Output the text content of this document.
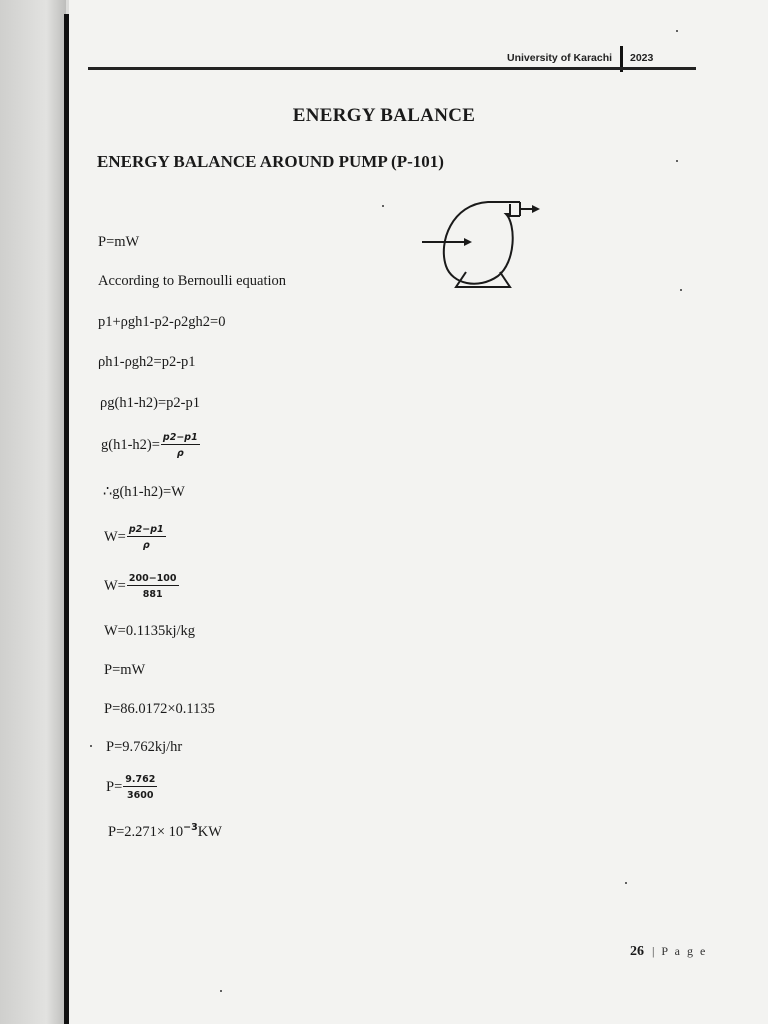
University of Karachi 2023
ENERGY BALANCE
ENERGY BALANCE AROUND PUMP (P-101)
P=mW
According to Bernoulli equation
p1+ρgh1-p2-ρ2gh2=0
ρh1-ρgh2=p2-p1
ρg(h1-h2)=p2-p1
$g(h1-h2)= \frac{p2-p1}{\rho}$
∴g(h1-h2)=W
$W= \frac{p2-p1}{\rho}$
$W= \frac{200-100}{881}$
W=0.1135kj/kg
P=mW
P=86.0172×0.1135
P=9.762kj/hr
$P= \frac{9.762}{3600}$
$P=2.271\times 10^{-3}KW$
26 | P a g e
